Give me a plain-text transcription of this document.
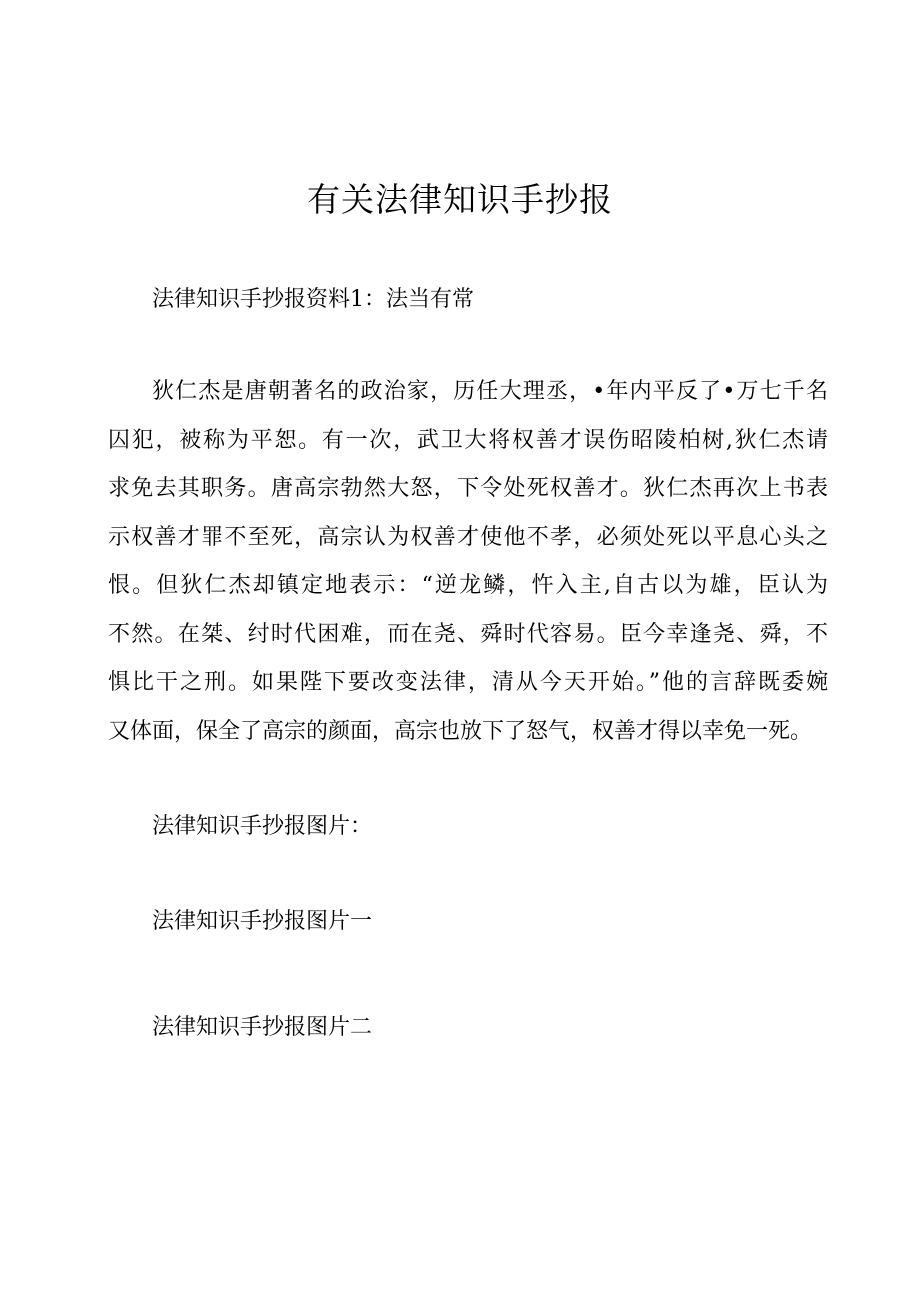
有关法律知识手抄报

法律知识手抄报资料1：法当有常

狄仁杰是唐朝著名的政治家，历任大理丞，•年内平反了•万七千名
囚犯，被称为平恕。有一次，武卫大将权善才误伤昭陵柏树,狄仁杰请
求免去其职务。唐高宗勃然大怒，下令处死权善才。狄仁杰再次上书表
示权善才罪不至死，高宗认为权善才使他不孝，必须处死以平息心头之
恨。但狄仁杰却镇定地表示：“逆龙鳞，忤入主,自古以为雄，臣认为
不然。在桀、纣时代困难，而在尧、舜时代容易。臣今幸逢尧、舜，不
惧比干之刑。如果陛下要改变法律，清从今天开始。”他的言辞既委婉
又体面，保全了高宗的颜面，高宗也放下了怒气，权善才得以幸免一死。

法律知识手抄报图片：

法律知识手抄报图片一

法律知识手抄报图片二
